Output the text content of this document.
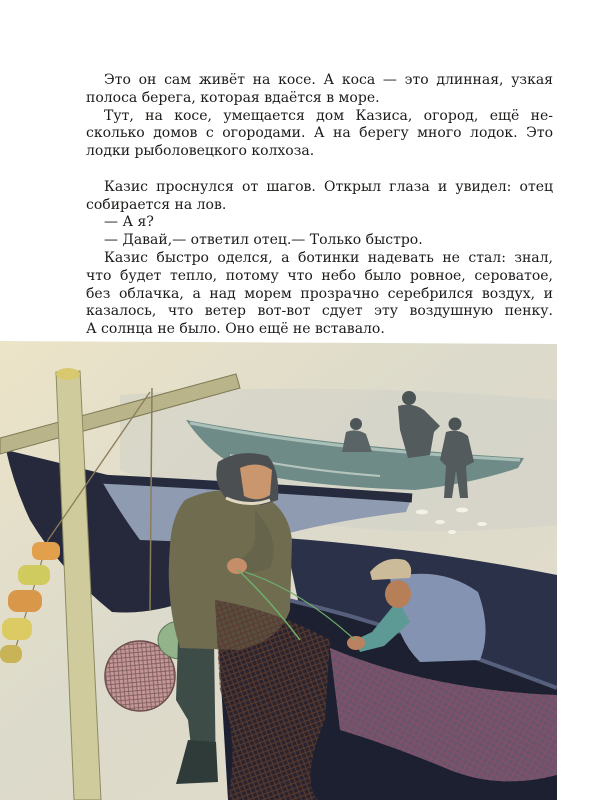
Это он сам живёт на косе. А коса — это длинная, узкая
полоса берега, которая вдаётся в море.
Тут, на косе, умещается дом Казиса, огород, ещё не-
сколько домов с огородами. А на берегу много лодок. Это
лодки рыболовецкого колхоза.
Казис проснулся от шагов. Открыл глаза и увидел: отец
собирается на лов.
— А я?
— Давай,— ответил отец.— Только быстро.
Казис быстро оделся, а ботинки надевать не стал: знал,
что будет тепло, потому что небо было ровное, сероватое,
без облачка, а над морем прозрачно серебрился воздух, и
казалось, что ветер вот-вот сдует эту воздушную пенку.
А солнца не было. Оно ещё не вставало.
